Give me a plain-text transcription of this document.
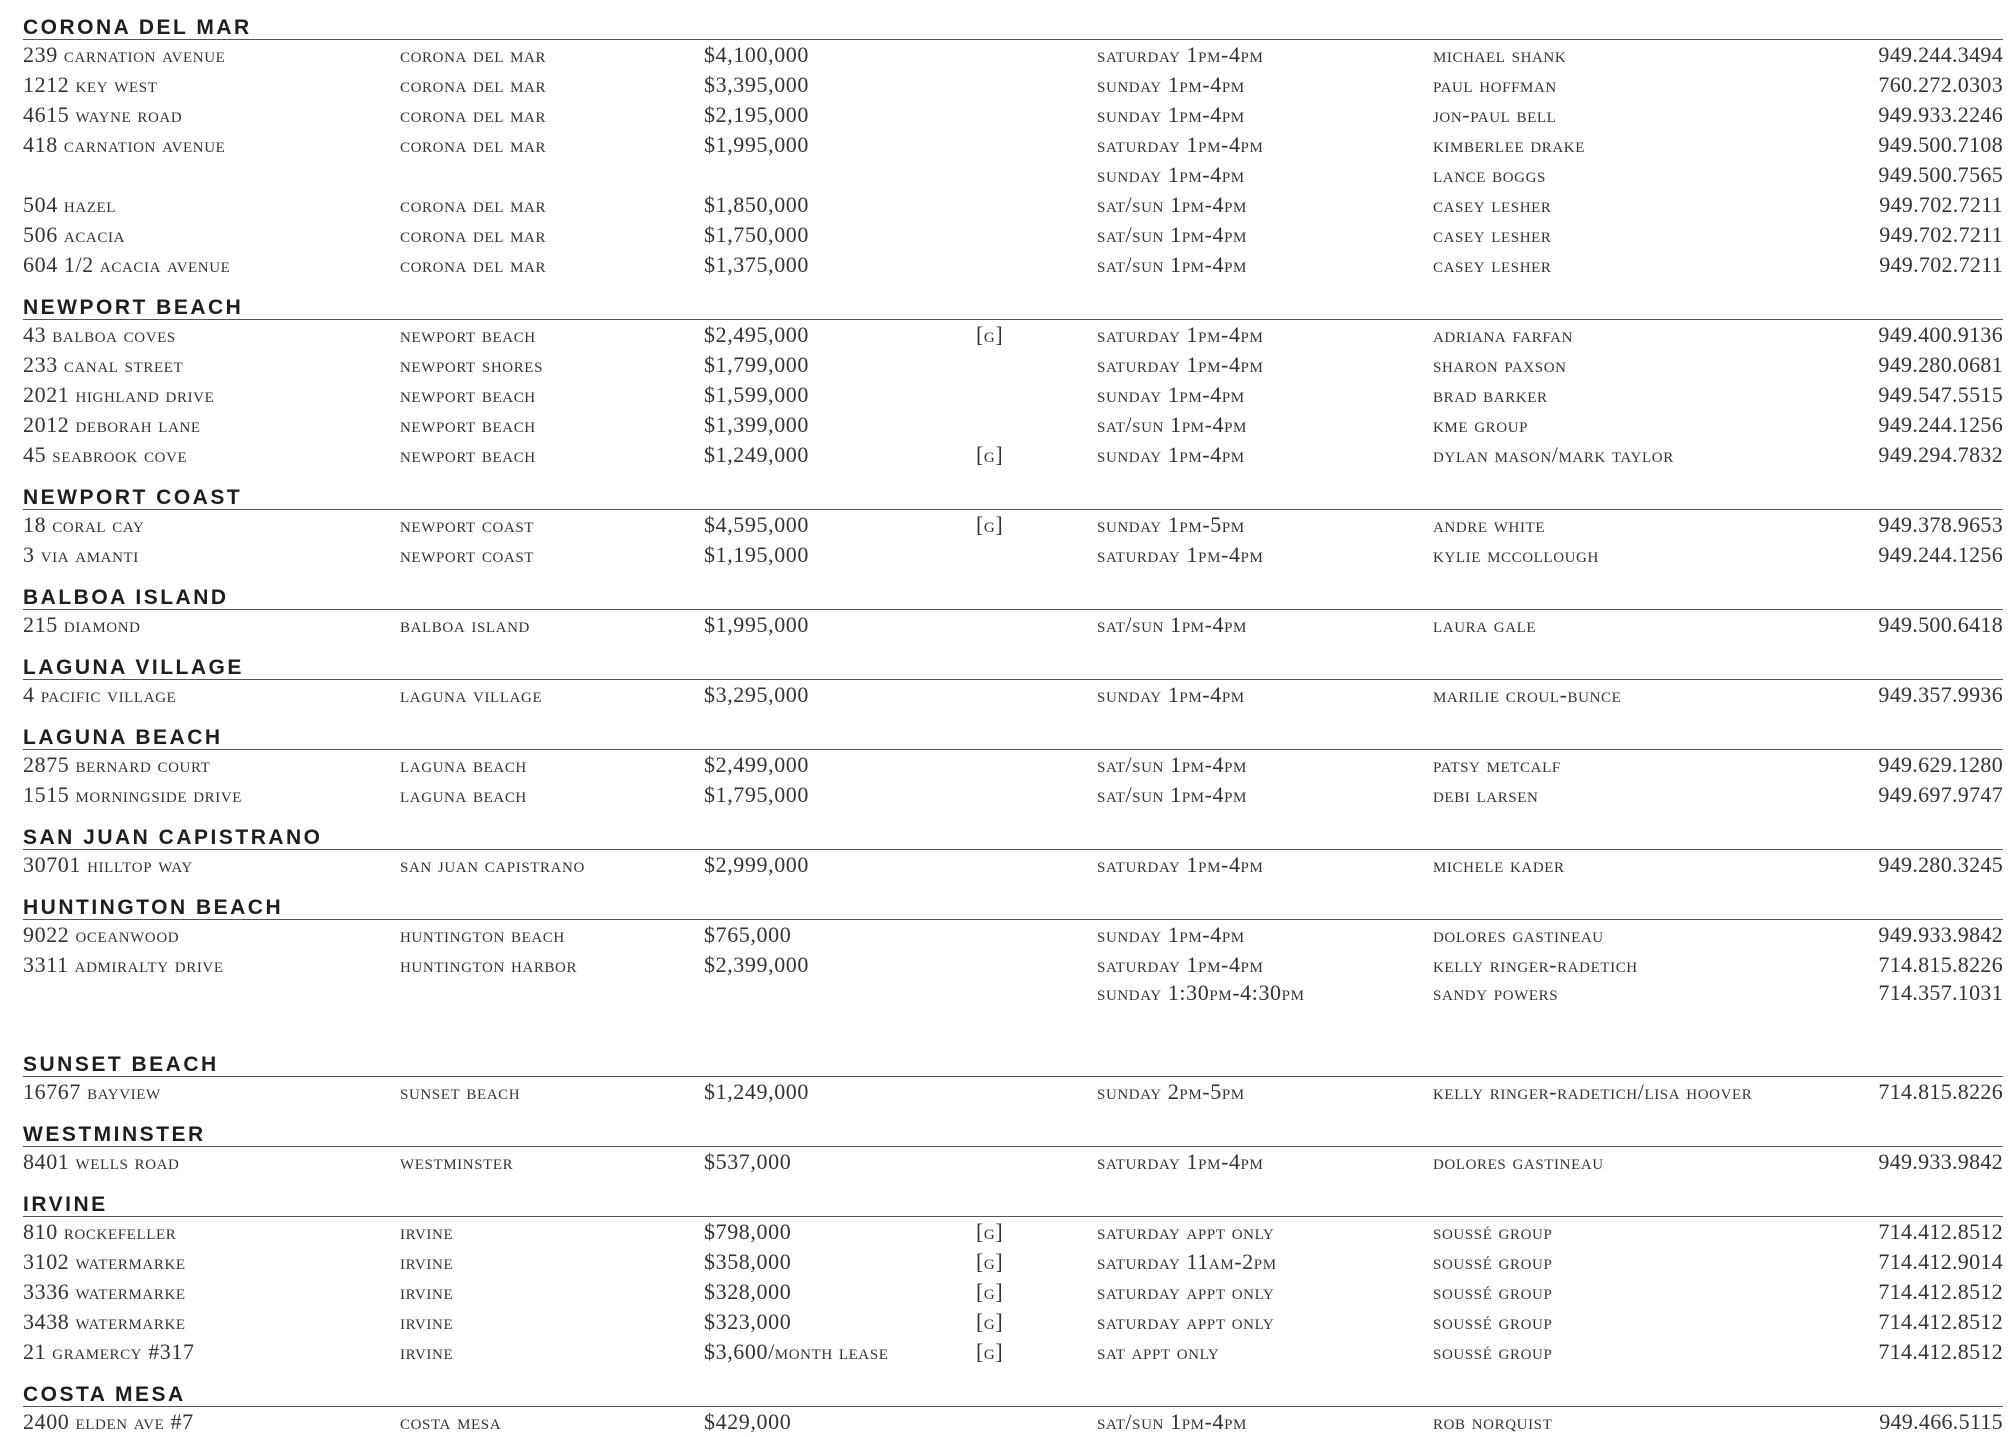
CORONA DEL MAR
239 carnation avenue	corona del mar	$4,100,000	saturday 1pm-4pm	michael shank	949.244.3494
1212 key west	corona del mar	$3,395,000	sunday 1pm-4pm	paul hoffman	760.272.0303
4615 wayne road	corona del mar	$2,195,000	sunday 1pm-4pm	jon-paul bell	949.933.2246
418 carnation avenue	corona del mar	$1,995,000	saturday 1pm-4pm	kimberlee drake	949.500.7108
sunday 1pm-4pm	lance boggs	949.500.7565
504 hazel	corona del mar	$1,850,000	sat/sun 1pm-4pm	casey lesher	949.702.7211
506 acacia	corona del mar	$1,750,000	sat/sun 1pm-4pm	casey lesher	949.702.7211
604 1/2 acacia avenue	corona del mar	$1,375,000	sat/sun 1pm-4pm	casey lesher	949.702.7211
NEWPORT BEACH
43 balboa coves	newport beach	$2,495,000	[g]	saturday 1pm-4pm	adriana farfan	949.400.9136
233 canal street	newport shores	$1,799,000	saturday 1pm-4pm	sharon paxson	949.280.0681
2021 highland drive	newport beach	$1,599,000	sunday 1pm-4pm	brad barker	949.547.5515
2012 deborah lane	newport beach	$1,399,000	sat/sun 1pm-4pm	kme group	949.244.1256
45 seabrook cove	newport beach	$1,249,000	[g]	sunday 1pm-4pm	dylan mason/mark taylor	949.294.7832
NEWPORT COAST
18 coral cay	newport coast	$4,595,000	[g]	sunday 1pm-5pm	andre white	949.378.9653
3 via amanti	newport coast	$1,195,000	saturday 1pm-4pm	kylie mccollough	949.244.1256
BALBOA ISLAND
215 diamond	balboa island	$1,995,000	sat/sun 1pm-4pm	laura gale	949.500.6418
LAGUNA VILLAGE
4 pacific village	laguna village	$3,295,000	sunday 1pm-4pm	marilie croul-bunce	949.357.9936
LAGUNA BEACH
2875 bernard court	laguna beach	$2,499,000	sat/sun 1pm-4pm	patsy metcalf	949.629.1280
1515 morningside drive	laguna beach	$1,795,000	sat/sun 1pm-4pm	debi larsen	949.697.9747
SAN JUAN CAPISTRANO
30701 hilltop way	san juan capistrano	$2,999,000	saturday 1pm-4pm	michele kader	949.280.3245
HUNTINGTON BEACH
9022 oceanwood	huntington beach	$765,000	sunday 1pm-4pm	dolores gastineau	949.933.9842
3311 admiralty drive	huntington harbor	$2,399,000	saturday 1pm-4pm	kelly ringer-radetich	714.815.8226
sunday 1:30pm-4:30pm	sandy powers	714.357.1031
SUNSET BEACH
16767 bayview	sunset beach	$1,249,000	sunday 2pm-5pm	kelly ringer-radetich/lisa hoover	714.815.8226
WESTMINSTER
8401 wells road	westminster	$537,000	saturday 1pm-4pm	dolores gastineau	949.933.9842
IRVINE
810 rockefeller	irvine	$798,000	[g]	saturday appt only	soussé group	714.412.8512
3102 watermarke	irvine	$358,000	[g]	saturday 11am-2pm	soussé group	714.412.9014
3336 watermarke	irvine	$328,000	[g]	saturday appt only	soussé group	714.412.8512
3438 watermarke	irvine	$323,000	[g]	saturday appt only	soussé group	714.412.8512
21 gramercy #317	irvine	$3,600/month lease	[g]	sat appt only	soussé group	714.412.8512
COSTA MESA
2400 elden ave #7	costa mesa	$429,000	sat/sun 1pm-4pm	rob norquist	949.466.5115
